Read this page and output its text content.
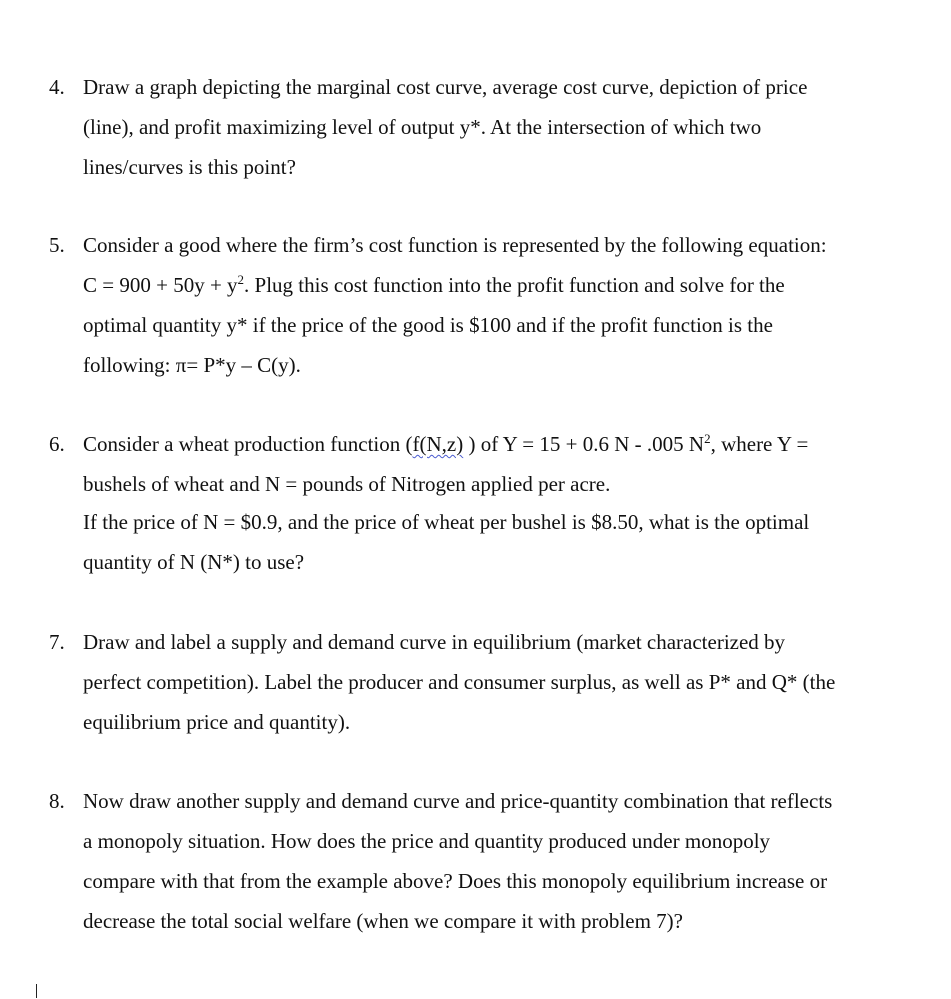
4. Draw a graph depicting the marginal cost curve, average cost curve, depiction of price
(line), and profit maximizing level of output y*. At the intersection of which two
lines/curves is this point?
5. Consider a good where the firm’s cost function is represented by the following equation:
$C = 900 + 50y + y^2$. Plug this cost function into the profit function and solve for the
optimal quantity y* if the price of the good is $100 and if the profit function is the
following: π= P*y – C(y).
6. Consider a wheat production function (f(N,z) ) of Y = 15 + 0.6 N - .005 $N^2$, where Y =
bushels of wheat and N = pounds of Nitrogen applied per acre.
If the price of N = $0.9, and the price of wheat per bushel is $8.50, what is the optimal
quantity of N (N*) to use?
7. Draw and label a supply and demand curve in equilibrium (market characterized by
perfect competition). Label the producer and consumer surplus, as well as P* and Q* (the
equilibrium price and quantity).
8. Now draw another supply and demand curve and price-quantity combination that reflects
a monopoly situation. How does the price and quantity produced under monopoly
compare with that from the example above? Does this monopoly equilibrium increase or
decrease the total social welfare (when we compare it with problem 7)?
